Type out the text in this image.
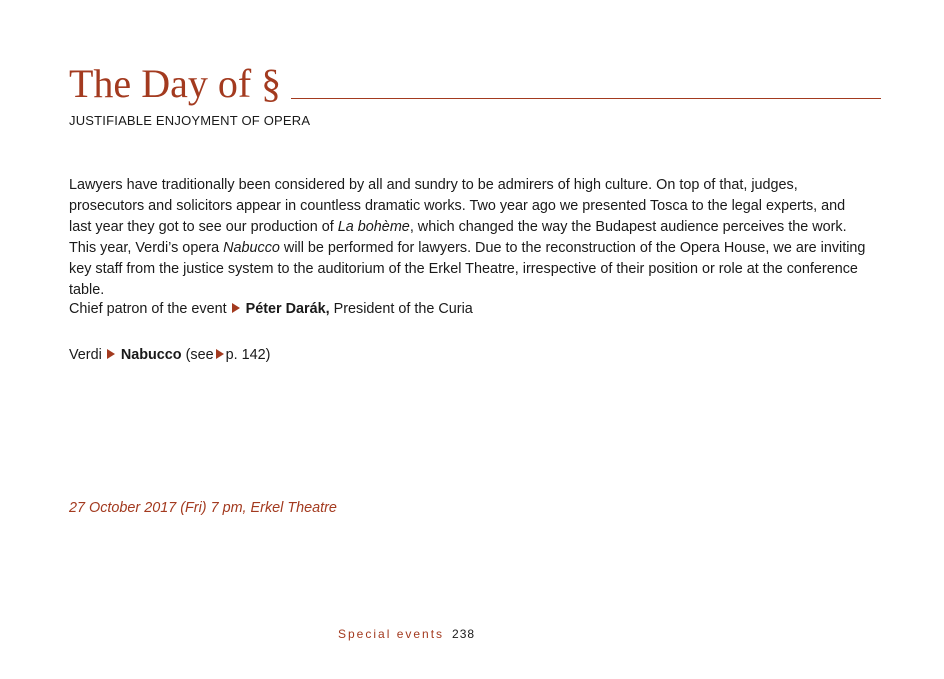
The Day of §
JUSTIFIABLE ENJOYMENT OF OPERA
Lawyers have traditionally been considered by all and sundry to be admirers of high culture. On top of that, judges, prosecutors and solicitors appear in countless dramatic works. Two year ago we presented Tosca to the legal experts, and last year they got to see our production of La bohème, which changed the way the Budapest audience perceives the work. This year, Verdi’s opera Nabucco will be performed for lawyers. Due to the reconstruction of the Opera House, we are inviting key staff from the justice system to the auditorium of the Erkel Theatre, irrespective of their position or role at the conference table.
Chief patron of the event Péter Darák, President of the Curia
Verdi Nabucco (see p. 142)
27 October 2017 (Fri) 7 pm, Erkel Theatre
Special events 238
